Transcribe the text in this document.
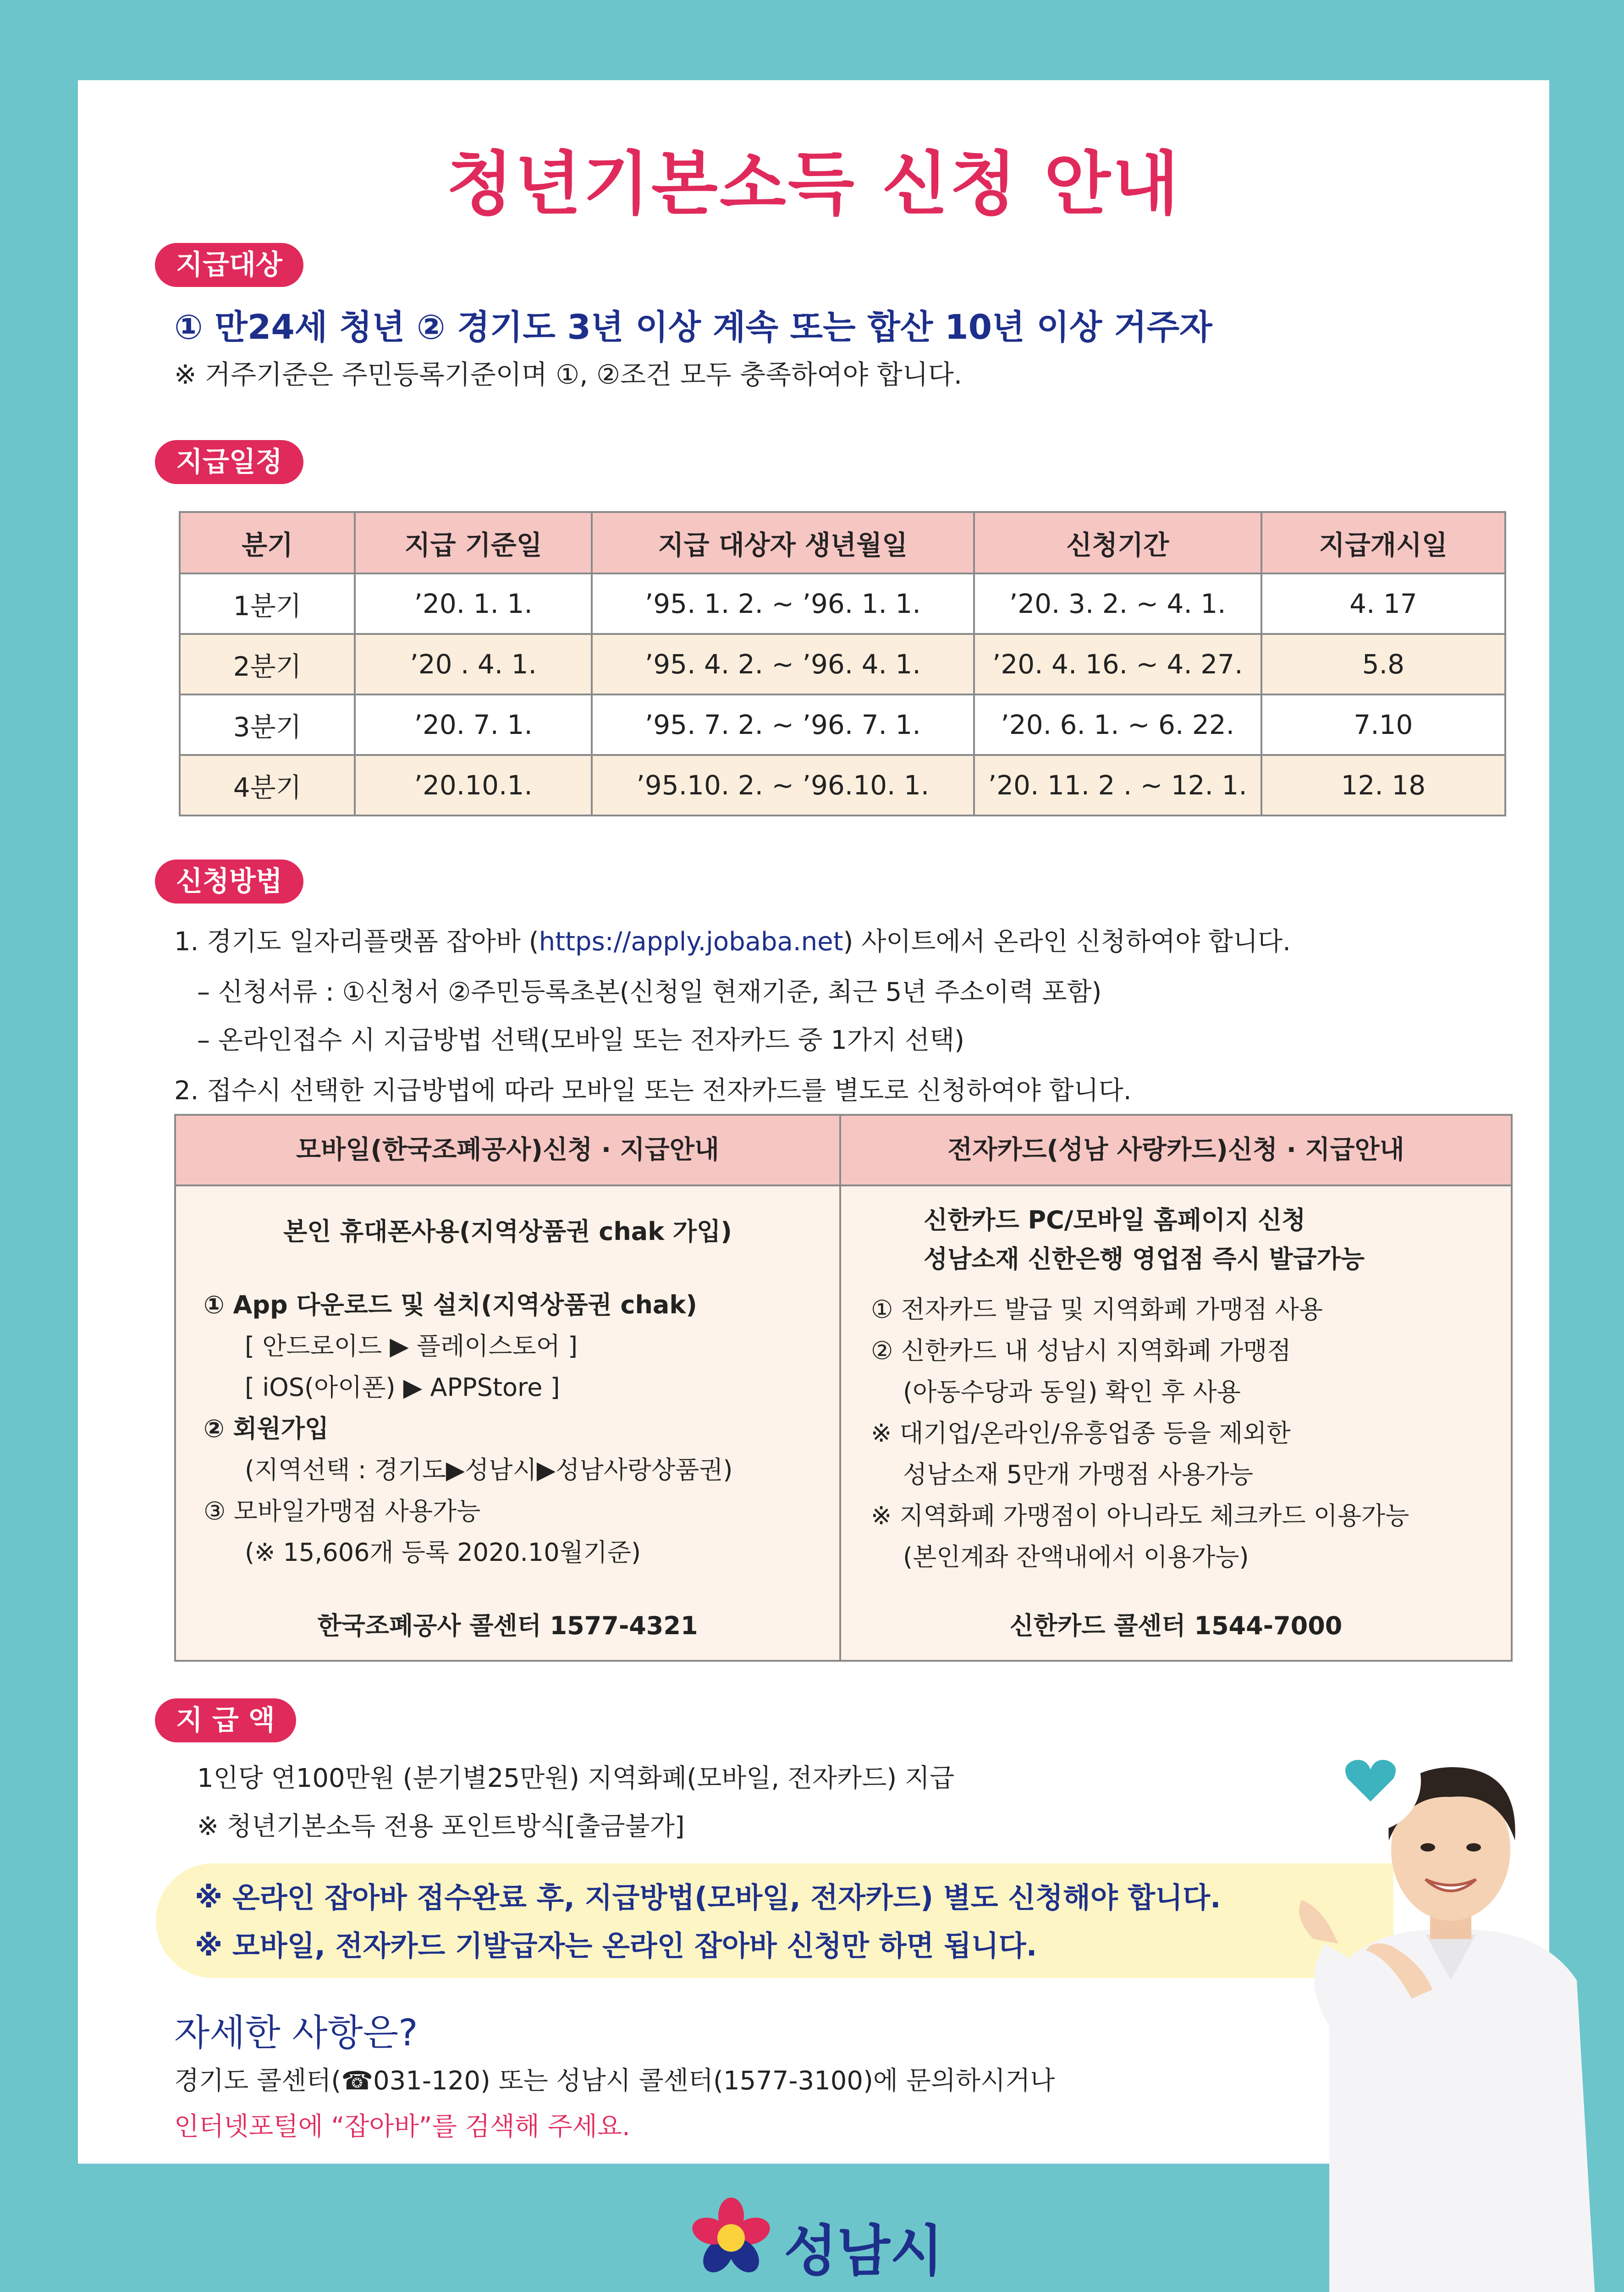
청년기본소득 신청 안내
지급대상
① 만24세 청년 ② 경기도 3년 이상 계속 또는 합산 10년 이상 거주자
※ 거주기준은 주민등록기준이며 ①, ②조건 모두 충족하여야 합니다.
지급일정
분기	지급 기준일	지급 대상자 생년월일	신청기간	지급개시일
1분기	’20. 1. 1.	’95. 1. 2. ~ ’96. 1. 1.	’20. 3. 2. ~ 4. 1.	4. 17
2분기	’20 . 4. 1.	’95. 4. 2. ~ ’96. 4. 1.	’20. 4. 16. ~ 4. 27.	5.8
3분기	’20. 7. 1.	’95. 7. 2. ~ ’96. 7. 1.	’20. 6. 1. ~ 6. 22.	7.10
4분기	’20.10.1.	’95.10. 2. ~ ’96.10. 1.	’20. 11. 2 . ~ 12. 1.	12. 18
신청방법
1. 경기도 일자리플랫폼 잡아바 (https://apply.jobaba.net) 사이트에서 온라인 신청하여야 합니다.
– 신청서류 : ①신청서 ②주민등록초본(신청일 현재기준, 최근 5년 주소이력 포함)
– 온라인접수 시 지급방법 선택(모바일 또는 전자카드 중 1가지 선택)
2. 접수시 선택한 지급방법에 따라 모바일 또는 전자카드를 별도로 신청하여야 합니다.
모바일(한국조폐공사)신청 · 지급안내
본인 휴대폰사용(지역상품권 chak 가입)
① App 다운로드 및 설치(지역상품권 chak)
[ 안드로이드 ▶ 플레이스토어 ]
[ iOS(아이폰) ▶ APPStore ]
② 회원가입
(지역선택 : 경기도▶성남시▶성남사랑상품권)
③ 모바일가맹점 사용가능
(※ 15,606개 등록 2020.10월기준)
한국조폐공사 콜센터 1577-4321
전자카드(성남 사랑카드)신청 · 지급안내
신한카드 PC/모바일 홈페이지 신청
성남소재 신한은행 영업점 즉시 발급가능
① 전자카드 발급 및 지역화폐 가맹점 사용
② 신한카드 내 성남시 지역화폐 가맹점
(아동수당과 동일) 확인 후 사용
※ 대기업/온라인/유흥업종 등을 제외한
성남소재 5만개 가맹점 사용가능
※ 지역화폐 가맹점이 아니라도 체크카드 이용가능
(본인계좌 잔액내에서 이용가능)
신한카드 콜센터 1544-7000
지 급 액
1인당 연100만원 (분기별25만원) 지역화폐(모바일, 전자카드) 지급
※ 청년기본소득 전용 포인트방식[출금불가]
※ 온라인 잡아바 접수완료 후, 지급방법(모바일, 전자카드) 별도 신청해야 합니다.
※ 모바일, 전자카드 기발급자는 온라인 잡아바 신청만 하면 됩니다.
자세한 사항은?
경기도 콜센터(☎031-120) 또는 성남시 콜센터(1577-3100)에 문의하시거나
인터넷포털에 “잡아바”를 검색해 주세요.
성남시
